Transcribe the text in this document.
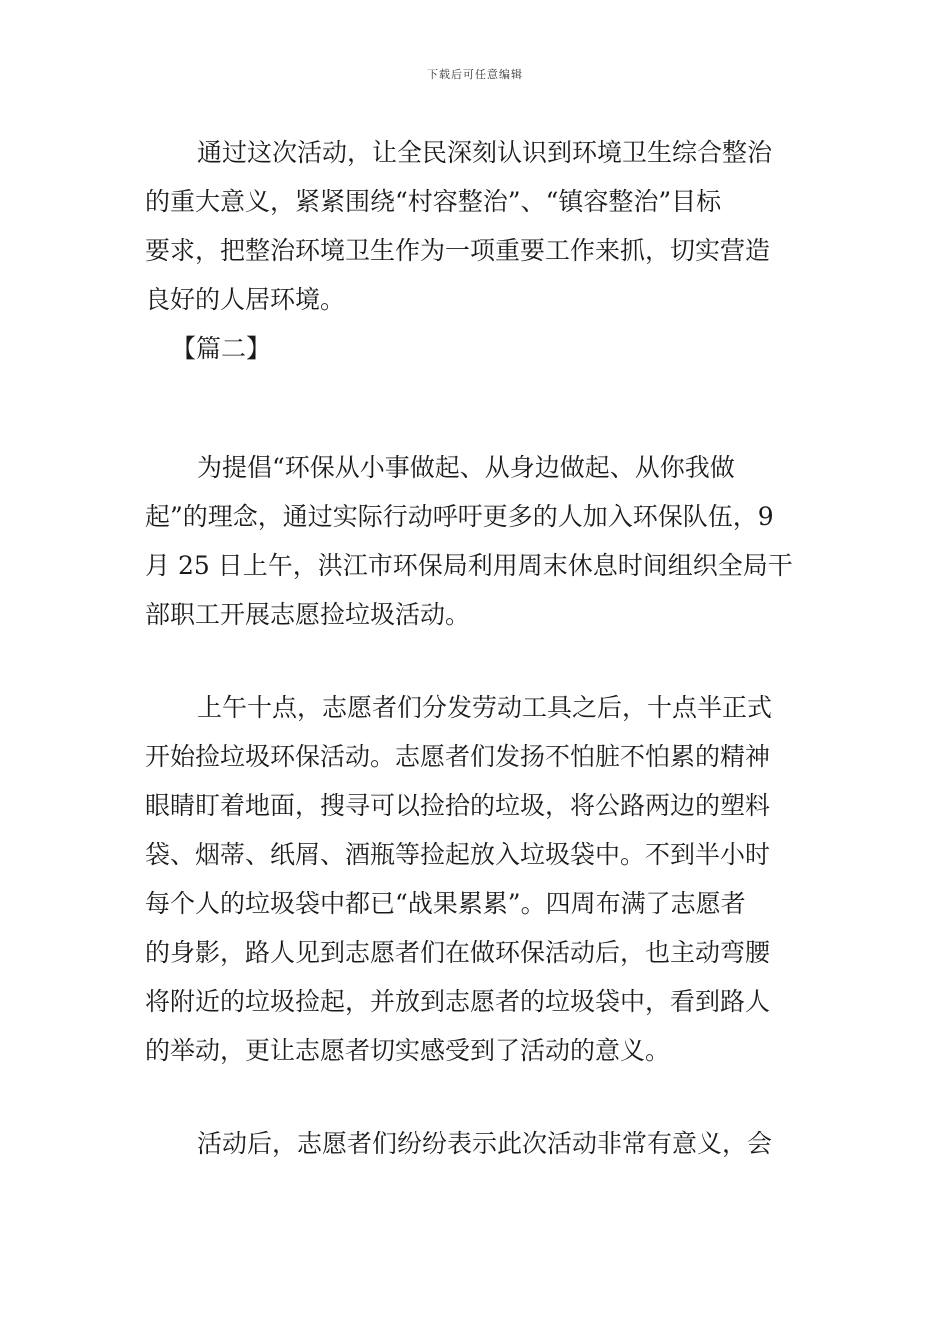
下载后可任意编辑
通过这次活动，让全民深刻认识到环境卫生综合整治
的重大意义，紧紧围绕“村容整治”、“镇容整治”目标
要求，把整治环境卫生作为一项重要工作来抓，切实营造
良好的人居环境。
【篇二】
为提倡“环保从小事做起、从身边做起、从你我做
起”的理念，通过实际行动呼吁更多的人加入环保队伍，9
月 25 日上午，洪江市环保局利用周末休息时间组织全局干
部职工开展志愿捡垃圾活动。
上午十点，志愿者们分发劳动工具之后，十点半正式
开始捡垃圾环保活动。志愿者们发扬不怕脏不怕累的精神
眼睛盯着地面，搜寻可以捡拾的垃圾，将公路两边的塑料
袋、烟蒂、纸屑、酒瓶等捡起放入垃圾袋中。不到半小时
每个人的垃圾袋中都已“战果累累”。四周布满了志愿者
的身影，路人见到志愿者们在做环保活动后，也主动弯腰
将附近的垃圾捡起，并放到志愿者的垃圾袋中，看到路人
的举动，更让志愿者切实感受到了活动的意义。
活动后，志愿者们纷纷表示此次活动非常有意义，会
